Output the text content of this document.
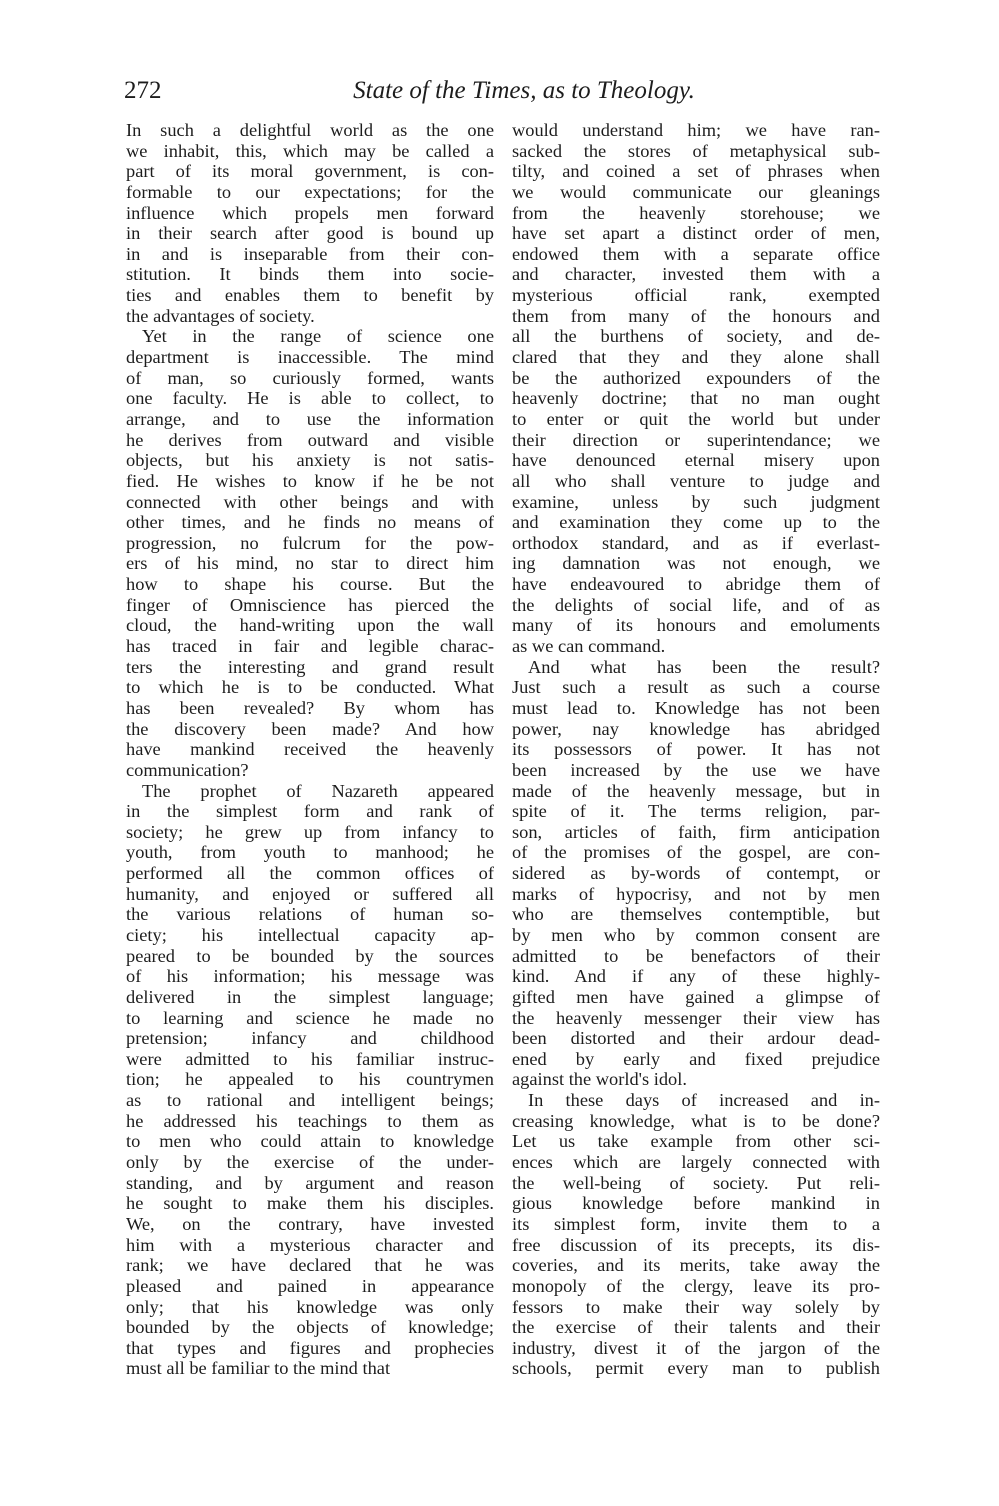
272	State of the Times, as to Theology.
In such a delightful world as the one
we inhabit, this, which may be called a
part of its moral government, is con-
formable to our expectations; for the
influence which propels men forward
in their search after good is bound up
in and is inseparable from their con-
stitution. It binds them into socie-
ties and enables them to benefit by
the advantages of society.
Yet in the range of science one
department is inaccessible. The mind
of man, so curiously formed, wants
one faculty. He is able to collect, to
arrange, and to use the information
he derives from outward and visible
objects, but his anxiety is not satis-
fied. He wishes to know if he be not
connected with other beings and with
other times, and he finds no means of
progression, no fulcrum for the pow-
ers of his mind, no star to direct him
how to shape his course. But the
finger of Omniscience has pierced the
cloud, the hand-writing upon the wall
has traced in fair and legible charac-
ters the interesting and grand result
to which he is to be conducted. What
has been revealed? By whom has
the discovery been made? And how
have mankind received the heavenly
communication?
The prophet of Nazareth appeared
in the simplest form and rank of
society; he grew up from infancy to
youth, from youth to manhood; he
performed all the common offices of
humanity, and enjoyed or suffered all
the various relations of human so-
ciety; his intellectual capacity ap-
peared to be bounded by the sources
of his information; his message was
delivered in the simplest language;
to learning and science he made no
pretension; infancy and childhood
were admitted to his familiar instruc-
tion; he appealed to his countrymen
as to rational and intelligent beings;
he addressed his teachings to them as
to men who could attain to knowledge
only by the exercise of the under-
standing, and by argument and reason
he sought to make them his disciples.
We, on the contrary, have invested
him with a mysterious character and
rank; we have declared that he was
pleased and pained in appearance
only; that his knowledge was only
bounded by the objects of knowledge;
that types and figures and prophecies
must all be familiar to the mind that
would understand him; we have ran-
sacked the stores of metaphysical sub-
tilty, and coined a set of phrases when
we would communicate our gleanings
from the heavenly storehouse; we
have set apart a distinct order of men,
endowed them with a separate office
and character, invested them with a
mysterious official rank, exempted
them from many of the honours and
all the burthens of society, and de-
clared that they and they alone shall
be the authorized expounders of the
heavenly doctrine; that no man ought
to enter or quit the world but under
their direction or superintendance; we
have denounced eternal misery upon
all who shall venture to judge and
examine, unless by such judgment
and examination they come up to the
orthodox standard, and as if everlast-
ing damnation was not enough, we
have endeavoured to abridge them of
the delights of social life, and of as
many of its honours and emoluments
as we can command.
And what has been the result?
Just such a result as such a course
must lead to. Knowledge has not been
power, nay knowledge has abridged
its possessors of power. It has not
been increased by the use we have
made of the heavenly message, but in
spite of it. The terms religion, par-
son, articles of faith, firm anticipation
of the promises of the gospel, are con-
sidered as by-words of contempt, or
marks of hypocrisy, and not by men
who are themselves contemptible, but
by men who by common consent are
admitted to be benefactors of their
kind. And if any of these highly-
gifted men have gained a glimpse of
the heavenly messenger their view has
been distorted and their ardour dead-
ened by early and fixed prejudice
against the world's idol.
In these days of increased and in-
creasing knowledge, what is to be done?
Let us take example from other sci-
ences which are largely connected with
the well-being of society. Put reli-
gious knowledge before mankind in
its simplest form, invite them to a
free discussion of its precepts, its dis-
coveries, and its merits, take away the
monopoly of the clergy, leave its pro-
fessors to make their way solely by
the exercise of their talents and their
industry, divest it of the jargon of the
schools, permit every man to publish
